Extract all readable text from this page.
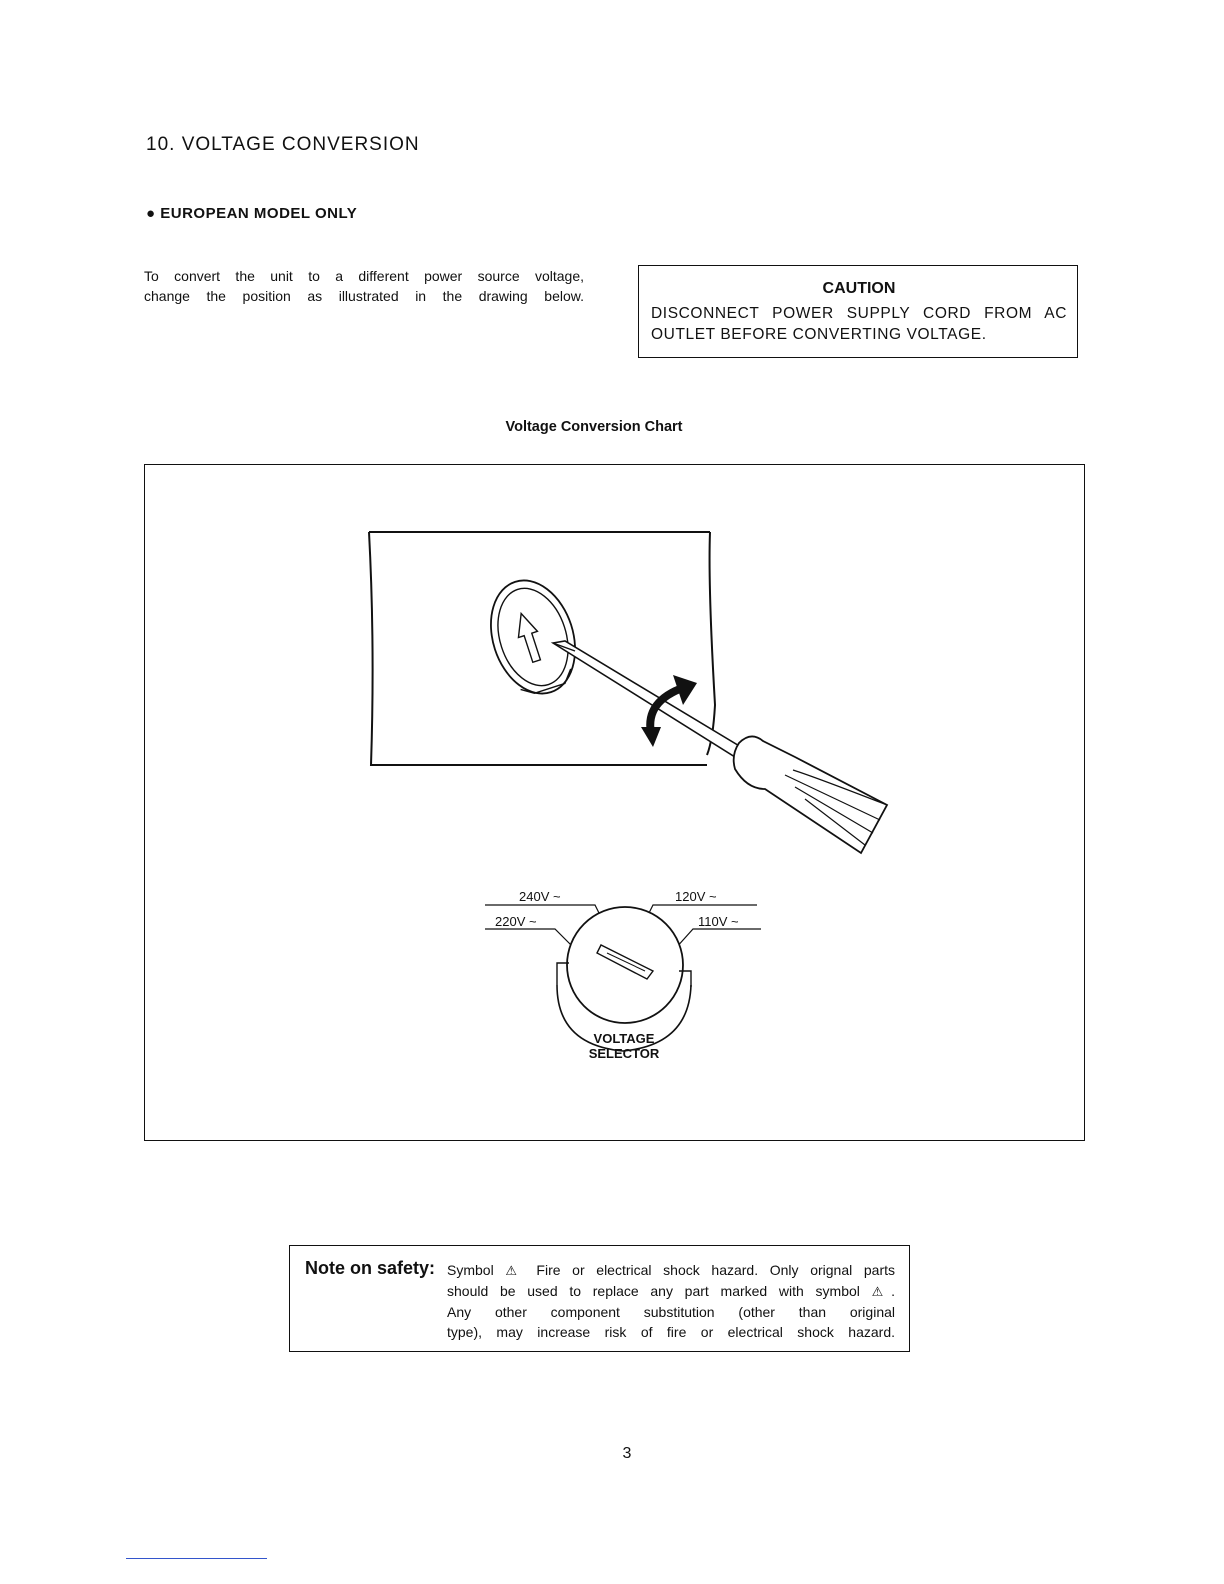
10. VOLTAGE CONVERSION
● EUROPEAN MODEL ONLY
To convert the unit to a different power source voltage,
change the position as illustrated in the drawing below.	CAUTION
DISCONNECT POWER SUPPLY CORD FROM AC
OUTLET BEFORE CONVERTING VOLTAGE.
Voltage Conversion Chart
240V ~	120V ~
220V ~	110V ~
VOLTAGE
SELECTOR
Note on safety: Symbol ⚠ Fire or electrical shock hazard. Only orignal parts
should be used to replace any part marked with symbol ⚠.
Any other component substitution (other than original
type), may increase risk of fire or electrical shock hazard.
3
